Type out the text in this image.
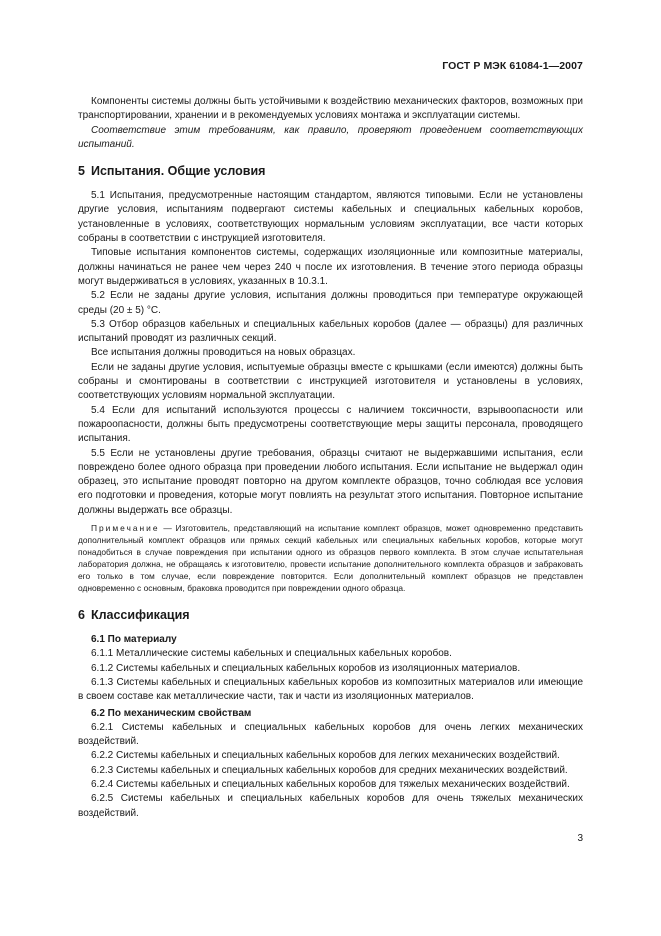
ГОСТ Р МЭК 61084-1—2007

Компоненты системы должны быть устойчивыми к воздействию механических факторов, возможных при транспортировании, хранении и в рекомендуемых условиях монтажа и эксплуатации системы.

Соответствие этим требованиям, как правило, проверяют проведением соответствующих испытаний.

5 Испытания. Общие условия

5.1 Испытания, предусмотренные настоящим стандартом, являются типовыми. Если не установлены другие условия, испытаниям подвергают системы кабельных и специальных кабельных коробов, установленные в условиях, соответствующих нормальным условиям эксплуатации, все части которых собраны в соответствии с инструкцией изготовителя.

Типовые испытания компонентов системы, содержащих изоляционные или композитные материалы, должны начинаться не ранее чем через 240 ч после их изготовления. В течение этого периода образцы могут выдерживаться в условиях, указанных в 10.3.1.

5.2 Если не заданы другие условия, испытания должны проводиться при температуре окружающей среды (20 ± 5) °С.

5.3 Отбор образцов кабельных и специальных кабельных коробов (далее — образцы) для различных испытаний проводят из различных секций.

Все испытания должны проводиться на новых образцах.

Если не заданы другие условия, испытуемые образцы вместе с крышками (если имеются) должны быть собраны и смонтированы в соответствии с инструкцией изготовителя и установлены в условиях, соответствующих условиям нормальной эксплуатации.

5.4 Если для испытаний используются процессы с наличием токсичности, взрывоопасности или пожароопасности, должны быть предусмотрены соответствующие меры защиты персонала, проводящего испытания.

5.5 Если не установлены другие требования, образцы считают не выдержавшими испытания, если повреждено более одного образца при проведении любого испытания. Если испытание не выдержал один образец, это испытание проводят повторно на другом комплекте образцов, точно соблюдая все условия его подготовки и проведения, которые могут повлиять на результат этого испытания. Повторное испытание должны выдержать все образцы.

Примечание — Изготовитель, представляющий на испытание комплект образцов, может одновременно представить дополнительный комплект образцов или прямых секций кабельных или специальных кабельных коробов, которые могут понадобиться в случае повреждения при испытании одного из образцов первого комплекта. В этом случае испытательная лаборатория должна, не обращаясь к изготовителю, провести испытание дополнительного комплекта образцов и забраковать его только в том случае, если повреждение повторится. Если дополнительный комплект образцов не представлен одновременно с основным, браковка проводится при повреждении одного образца.

6 Классификация
6.1 По материалу

6.1.1 Металлические системы кабельных и специальных кабельных коробов.

6.1.2 Системы кабельных и специальных кабельных коробов из изоляционных материалов.

6.1.3 Системы кабельных и специальных кабельных коробов из композитных материалов или имеющие в своем составе как металлические части, так и части из изоляционных материалов.

6.2 По механическим свойствам

6.2.1 Системы кабельных и специальных кабельных коробов для очень легких механических воздействий.

6.2.2 Системы кабельных и специальных кабельных коробов для легких механических воздействий.

6.2.3 Системы кабельных и специальных кабельных коробов для средних механических воздействий.

6.2.4 Системы кабельных и специальных кабельных коробов для тяжелых механических воздействий.

6.2.5 Системы кабельных и специальных кабельных коробов для очень тяжелых механических воздействий.

3
